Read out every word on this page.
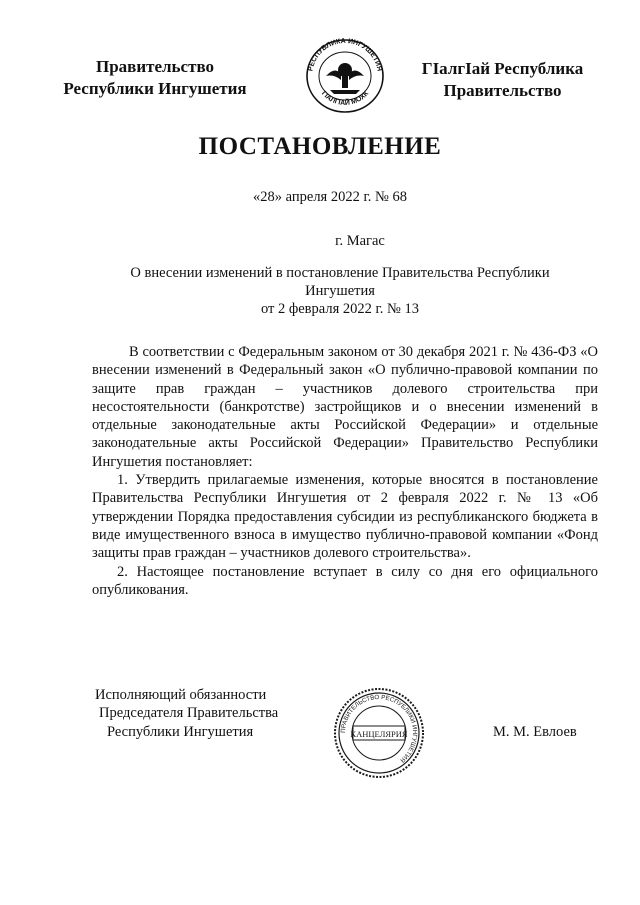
Правительство
Республики Ингушетия
РЕСПУБЛИКА ИНГУШЕТИЯ
ГIАЛГIАЙ МОХК
ГIалгIай Республика
Правительство
ПОСТАНОВЛЕНИЕ
«28» апреля 2022 г. № 68
г. Магас
О внесении изменений в постановление Правительства Республики
Ингушетия
от 2 февраля 2022 г. № 13

В соответствии с Федеральным законом от 30 декабря 2021 г. № 436-ФЗ «О внесении изменений в Федеральный закон «О публично-правовой компании по защите прав граждан – участников долевого строительства при несостоятельности (банкротстве) застройщиков и о внесении изменений в отдельные законодательные акты Российской Федерации» и отдельные законодательные акты Российской Федерации» Правительство Республики Ингушетия постановляет:

1. Утвердить прилагаемые изменения, которые вносятся в постановление Правительства Республики Ингушетия от 2 февраля 2022 г. № 13 «Об утверждении Порядка предоставления субсидии из республиканского бюджета в виде имущественного взноса в имущество публично-правовой компании «Фонд защиты прав граждан – участников долевого строительства».

2. Настоящее постановление вступает в силу со дня его официального опубликования.

Исполняющий обязанности
Председателя Правительства
Республики Ингушетия	ПРАВИТЕЛЬСТВО РЕСПУБЛИКИ ИНГУШЕТИЯ
КАНЦЕЛЯРИЯ	М. М. Евлоев
